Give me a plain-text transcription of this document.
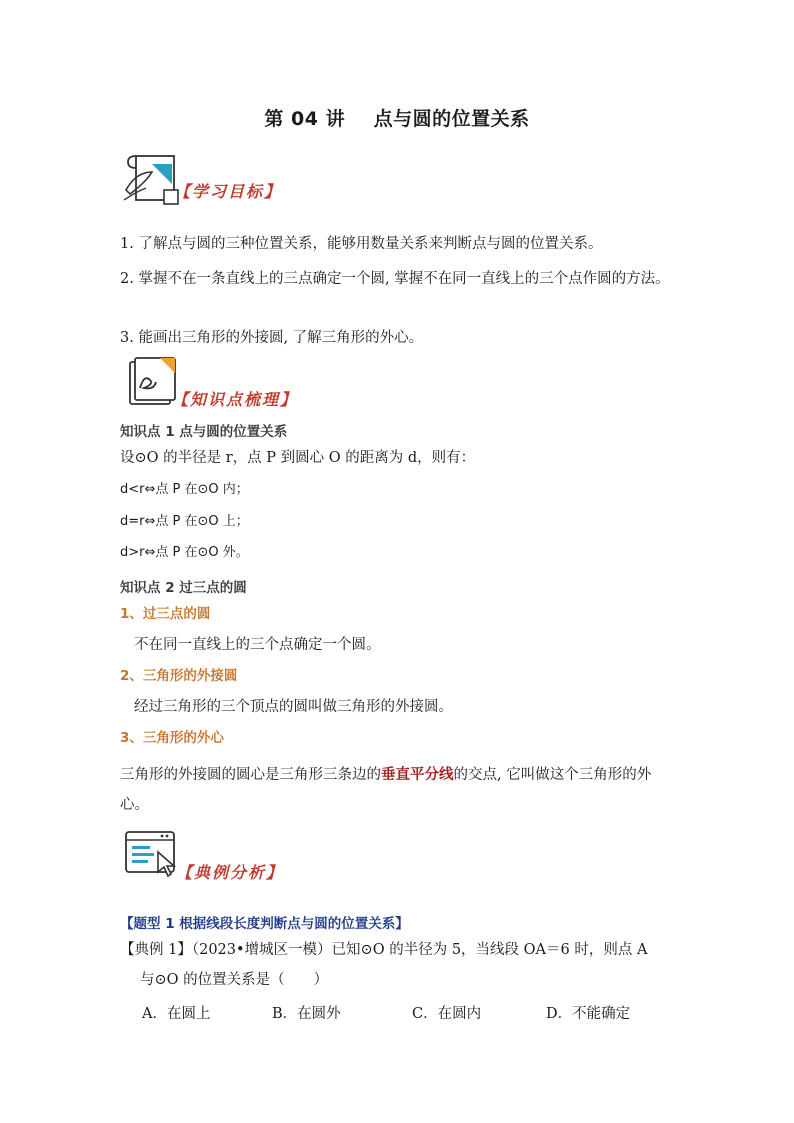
第 04 讲 点与圆的位置关系
【学习目标】
1. 了解点与圆的三种位置关系，能够用数量关系来判断点与圆的位置关系。
2. 掌握不在一条直线上的三点确定一个圆, 掌握不在同一直线上的三个点作圆的方法。
3. 能画出三角形的外接圆, 了解三角形的外心。
【知识点梳理】
知识点 1 点与圆的位置关系
设⊙O 的半径是 r，点 P 到圆心 O 的距离为 d，则有：
d<r⇔点 P 在⊙O 内；
d=r⇔点 P 在⊙O 上；
d>r⇔点 P 在⊙O 外。
知识点 2 过三点的圆
1、过三点的圆
不在同一直线上的三个点确定一个圆。
2、三角形的外接圆
经过三角形的三个顶点的圆叫做三角形的外接圆。
3、三角形的外心
三角形的外接圆的圆心是三角形三条边的垂直平分线的交点, 它叫做这个三角形的外心。
【典例分析】
【题型 1 根据线段长度判断点与圆的位置关系】
【典例 1】（2023•增城区一模）已知⊙O 的半径为 5，当线段 OA＝6 时，则点 A
与⊙O 的位置关系是（　　）
A．在圆上	B．在圆外	C．在圆内	D．不能确定
